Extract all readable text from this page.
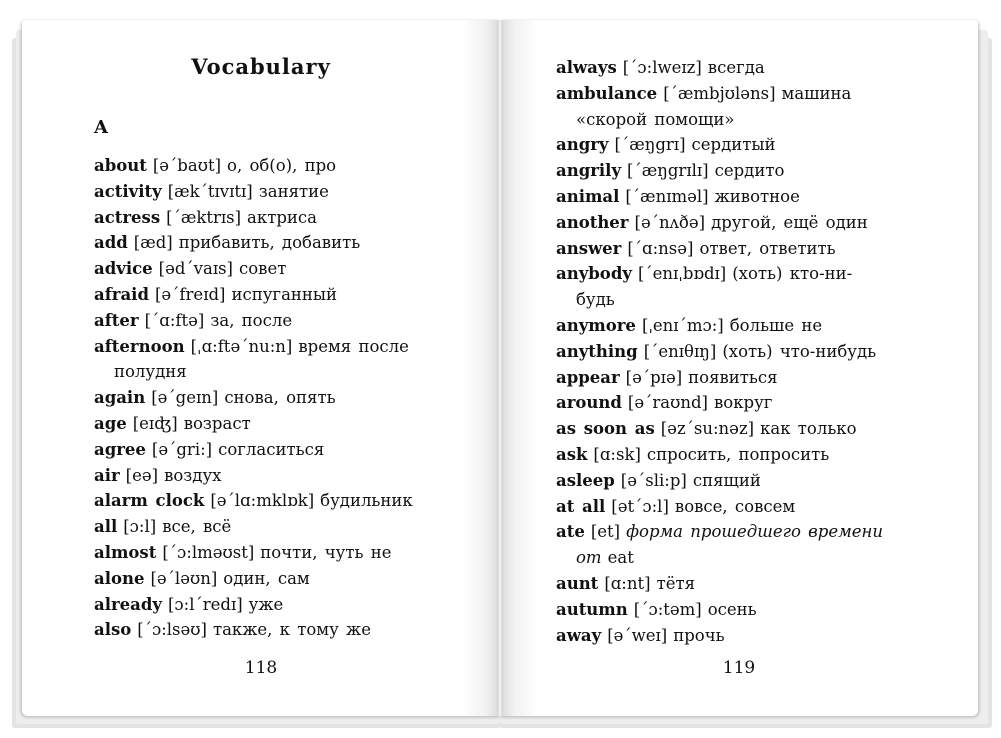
Vocabulary
A
about [əˊbaʊt] о, об(о), про
activity [ækˊtɪvɪtɪ] занятие
actress [ˊæktrɪs] актриса
add [æd] прибавить, добавить
advice [ədˊvaɪs] совет
afraid [əˊfreɪd] испуганный
after [ˊɑ:ftə] за, после
afternoon [ˌɑ:ftəˊnu:n] время после
полудня
again [əˊgeɪn] снова, опять
age [eɪʤ] возраст
agree [əˊgri:] согласиться
air [eə] воздух
alarm clock [əˊlɑ:mklɒk] будильник
all [ɔ:l] все, всё
almost [ˊɔ:lməʊst] почти, чуть не
alone [əˊləʊn] один, сам
already [ɔ:lˊredɪ] уже
also [ˊɔ:lsəʊ] также, к тому же
118
always [ˊɔ:lweɪz] всегда
ambulance [ˊæmbjʊləns] машина
«скорой помощи»
angry [ˊæŋgrɪ] сердитый
angrily [ˊæŋgrɪlɪ] сердито
animal [ˊænɪməl] животное
another [əˊnʌðə] другой, ещё один
answer [ˊɑ:nsə] ответ, ответить
anybody [ˊenɪˌbɒdɪ] (хоть) кто-ни-
будь
anymore [ˌenɪˊmɔ:] больше не
anything [ˊenɪθɪŋ] (хоть) что-нибудь
appear [əˊpɪə] появиться
around [əˊraʊnd] вокруг
as soon as [əzˊsu:nəz] как только
ask [ɑ:sk] спросить, попросить
asleep [əˊsli:p] спящий
at all [ətˊɔ:l] вовсе, совсем
ate [et] форма прошедшего времени
от eat
aunt [ɑ:nt] тётя
autumn [ˊɔ:təm] осень
away [əˊweɪ] прочь
119
